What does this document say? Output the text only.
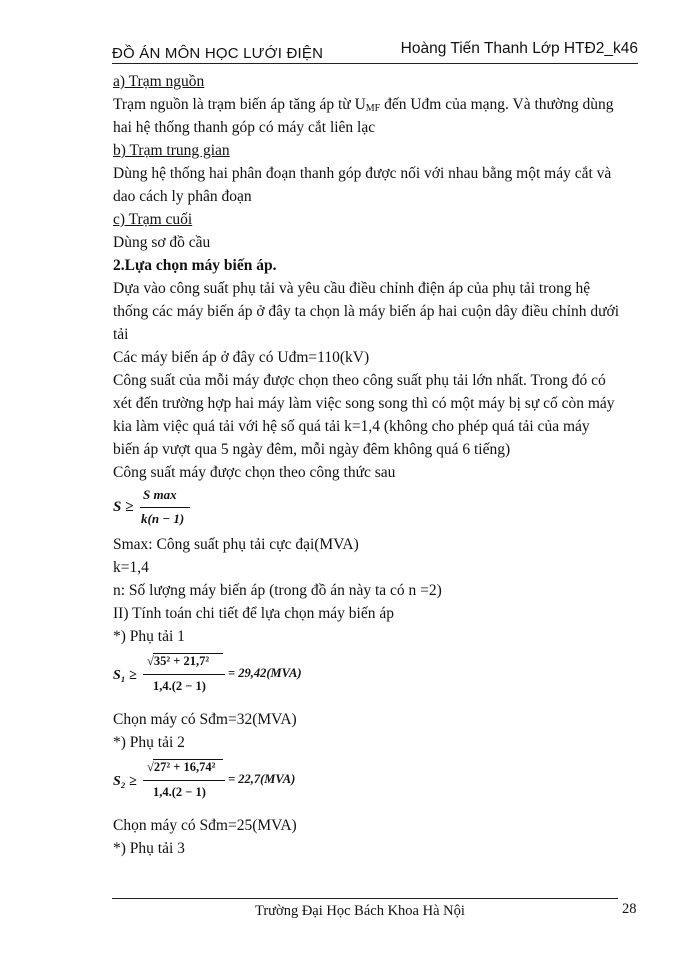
ĐỒ ÁN MÔN HỌC LƯỚI ĐIỆN	Hoàng Tiến Thanh Lớp HTĐ2_k46
a) Trạm nguồn
Trạm nguồn là trạm biến áp tăng áp từ $U_{MF}$ đến Uđm của mạng. Và thường dùng
hai hệ thống thanh góp có máy cắt liên lạc
b) Trạm trung gian
Dùng hệ thống hai phân đoạn thanh góp được nối với nhau bằng một máy cắt và
dao cách ly phân đoạn
c) Trạm cuối
Dùng sơ đồ cầu
2.Lựa chọn máy biến áp.
Dựa vào công suất phụ tải và yêu cầu điều chỉnh điện áp của phụ tải trong hệ
thống các máy biến áp ở đây ta chọn là máy biến áp hai cuộn dây điều chỉnh dưới
tải
Các máy biến áp ở đây có Uđm=110(kV)
Công suất của mỗi máy được chọn theo công suất phụ tải lớn nhất. Trong đó có
xét đến trường hợp hai máy làm việc song song thì có một máy bị sự cố còn máy
kia làm việc quá tải với hệ số quá tải k=1,4 (không cho phép quá tải của máy
biến áp vượt qua 5 ngày đêm, mỗi ngày đêm không quá 6 tiếng)
Công suất máy được chọn theo công thức sau
S ≥
S max
k(n − 1)
Smax: Công suất phụ tải cực đại(MVA)
k=1,4
n: Số lượng máy biến áp (trong đồ án này ta có n =2)
II) Tính toán chi tiết để lựa chọn máy biến áp
*) Phụ tải 1
S₁ ≥
√35² + 21,7²
1,4.(2 − 1)
= 29,42(MVA)
Chọn máy có Sđm=32(MVA)
*) Phụ tải 2
S₂ ≥
√27² + 16,74²
1,4.(2 − 1)
= 22,7(MVA)
Chọn máy có Sđm=25(MVA)
*) Phụ tải 3
Trường Đại Học Bách Khoa Hà Nội	28
